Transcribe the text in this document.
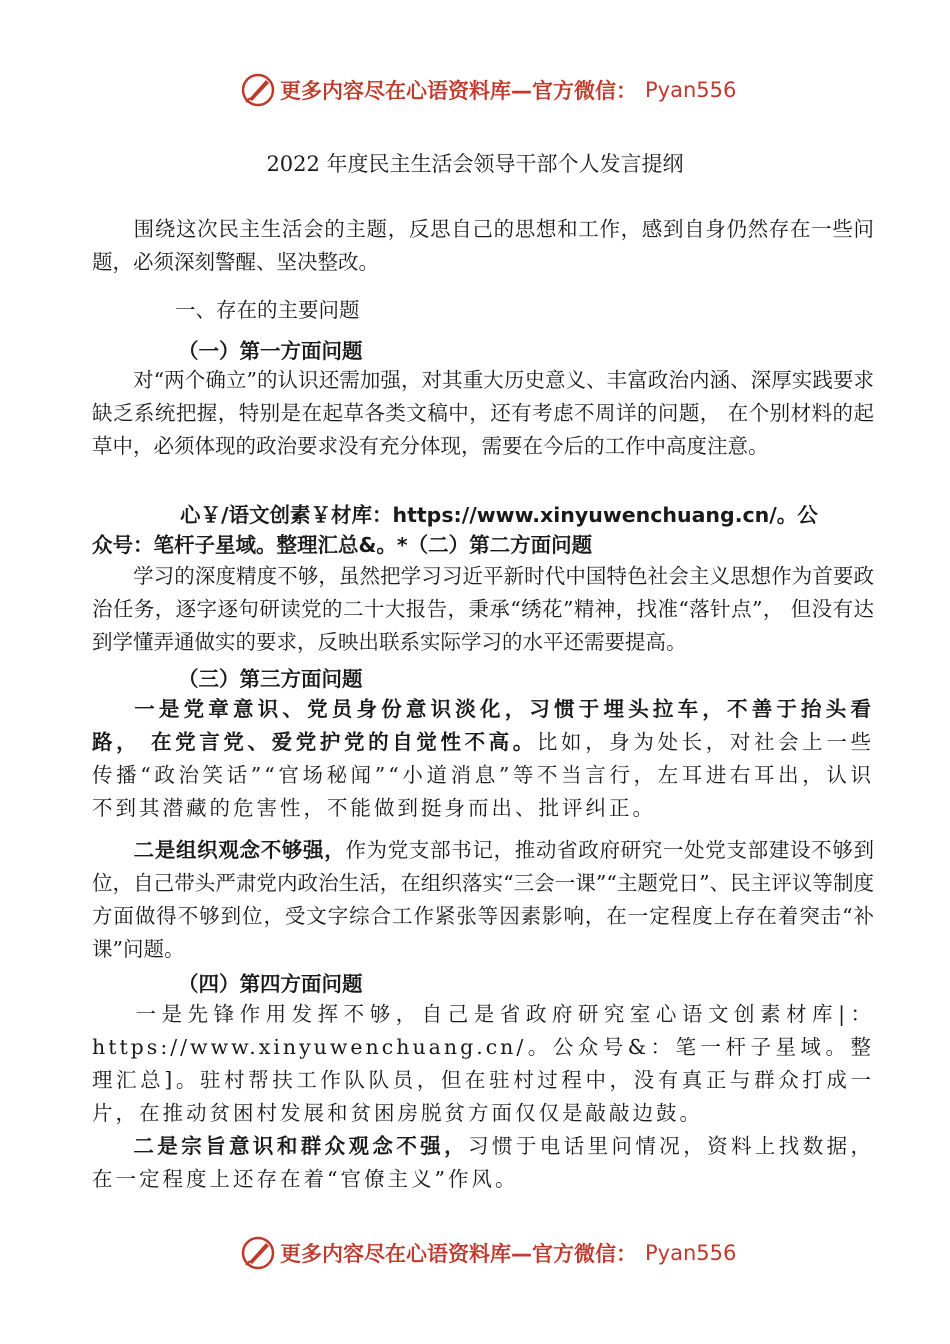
更多内容尽在心语资料库—官方微信： Pyan556
2022 年度民主生活会领导干部个人发言提纲

围绕这次民主生活会的主题，反思自己的思想和工作，感到自身仍然存在一些问题，必须深刻警醒、坚决整改。

一、存在的主要问题
（一）第一方面问题

对“两个确立”的认识还需加强，对其重大历史意义、丰富政治内涵、深厚实践要求缺乏系统把握，特别是在起草各类文稿中，还有考虑不周详的问题， 在个别材料的起草中，必须体现的政治要求没有充分体现，需要在今后的工作中高度注意。

心￥/语文创素￥材库：https://www.xinyuwenchuang.cn/。公
众号：笔杆子星域。整理汇总&。*（二）第二方面问题

学习的深度精度不够，虽然把学习习近平新时代中国特色社会主义思想作为首要政治任务，逐字逐句研读党的二十大报告，秉承“绣花”精神，找准“落针点”， 但没有达到学懂弄通做实的要求，反映出联系实际学习的水平还需要提高。

（三）第三方面问题

一是党章意识、党员身份意识淡化，习惯于埋头拉车，不善于抬头看路， 在党言党、爱党护党的自觉性不高。比如，身为处长，对社会上一些传播“政治笑话”“官场秘闻”“小道消息”等不当言行，左耳进右耳出，认识不到其潜藏的危害性，不能做到挺身而出、批评纠正。

二是组织观念不够强，作为党支部书记，推动省政府研究一处党支部建设不够到位，自己带头严肃党内政治生活，在组织落实“三会一课”“主题党日”、民主评议等制度方面做得不够到位，受文字综合工作紧张等因素影响，在一定程度上存在着突击“补课”问题。

（四）第四方面问题

一是先锋作用发挥不够，自己是省政府研究室心语文创素材库|：https://www.xinyuwenchuang.cn/。公众号&：笔一杆子星域。整理汇总]。驻村帮扶工作队队员，但在驻村过程中，没有真正与群众打成一片，在推动贫困村发展和贫困房脱贫方面仅仅是敲敲边鼓。

二是宗旨意识和群众观念不强，习惯于电话里问情况，资料上找数据，在一定程度上还存在着“官僚主义”作风。

更多内容尽在心语资料库—官方微信： Pyan556
